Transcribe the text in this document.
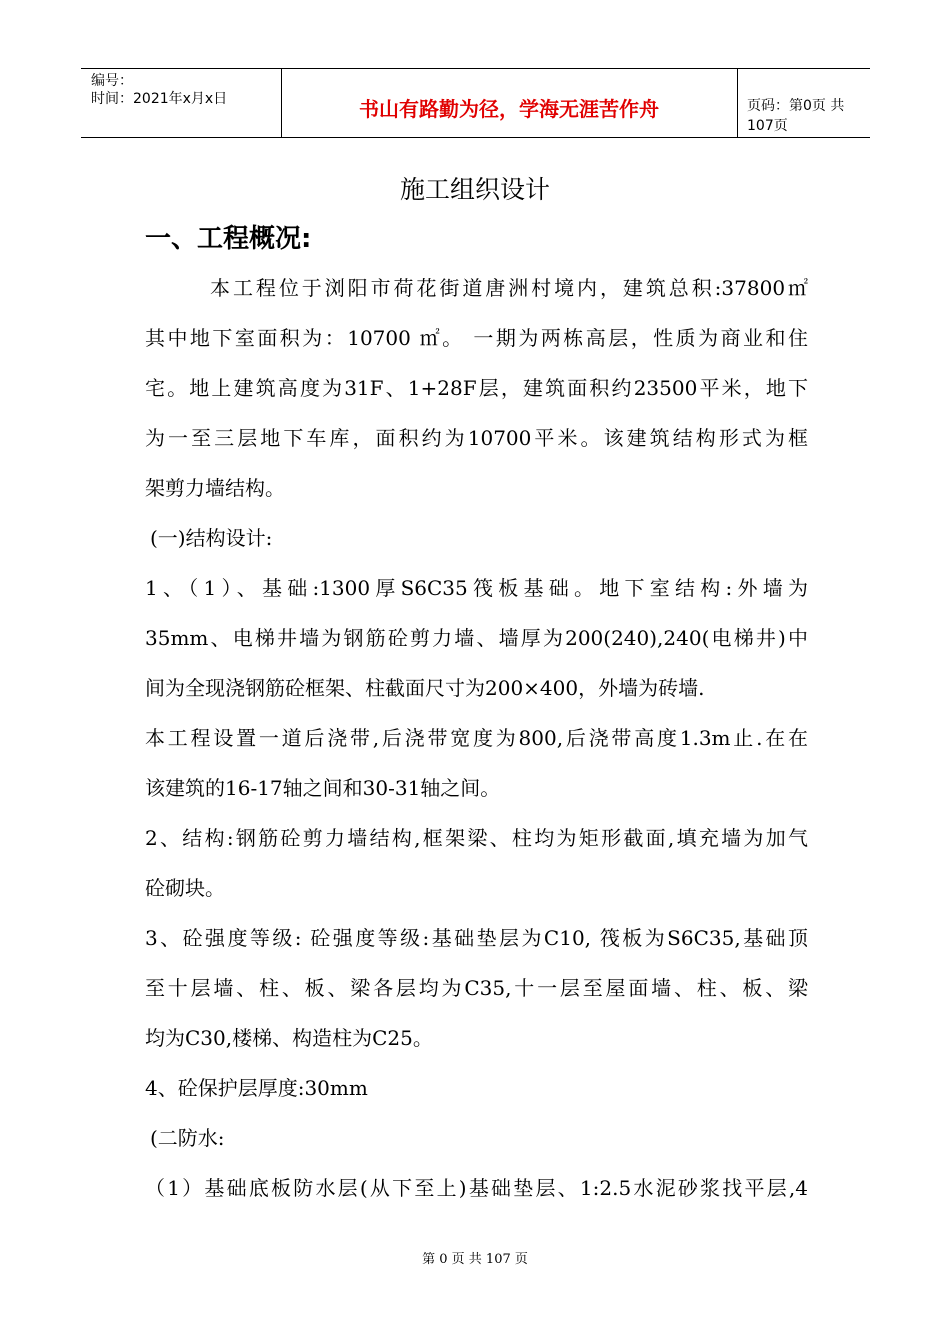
编号：
时间：2021年x月x日	书山有路勤为径，学海无涯苦作舟	页码：第0页 共107页
施工组织设计
一、工程概况:
本工程位于浏阳市荷花街道唐洲村境内，建筑总积:37800㎡
其中地下室面积为：10700 ㎡。 一期为两栋高层，性质为商业和住
宅。地上建筑高度为31F、1+28F层，建筑面积约23500平米，地下
为一至三层地下车库，面积约为10700平米。该建筑结构形式为框
架剪力墙结构。
(一)结构设计:
1、（1）、基础:1300厚S6C35筏板基础。地下室结构:外墙为
35mm、电梯井墙为钢筋砼剪力墙、墙厚为200(240),240(电梯井)中
间为全现浇钢筋砼框架、柱截面尺寸为200×400，外墙为砖墙.
本工程设置一道后浇带,后浇带宽度为800,后浇带高度1.3m止.在在
该建筑的16-17轴之间和30-31轴之间。
2、结构:钢筋砼剪力墙结构,框架梁、柱均为矩形截面,填充墙为加气
砼砌块。
3、砼强度等级: 砼强度等级:基础垫层为C10, 筏板为S6C35,基础顶
至十层墙、柱、板、梁各层均为C35,十一层至屋面墙、柱、板、梁
均为C30,楼梯、构造柱为C25。
4、砼保护层厚度:30mm
(二防水:
（1）基础底板防水层(从下至上)基础垫层、1:2.5水泥砂浆找平层,4
第 0 页 共 107 页
